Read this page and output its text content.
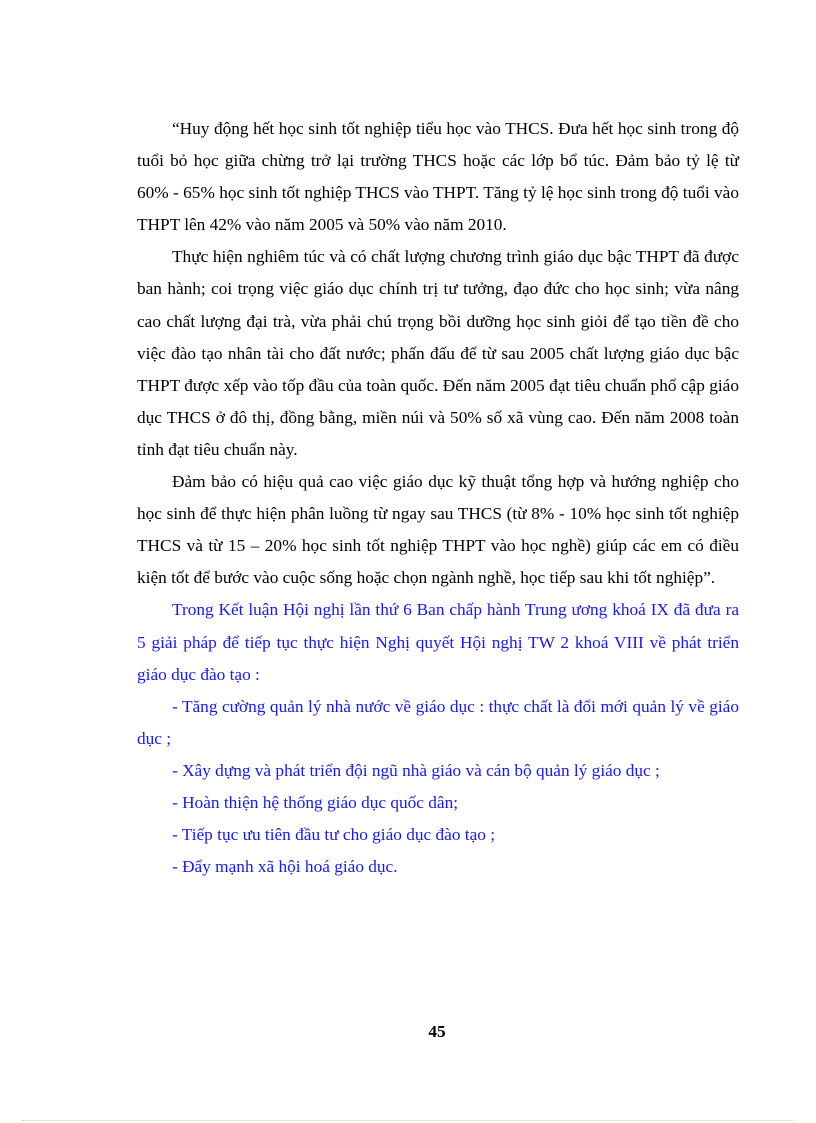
“Huy động hết học sinh tốt nghiệp tiểu học vào THCS. Đưa hết học sinh trong độ tuổi bỏ học giữa chừng trở lại trường THCS hoặc các lớp bổ túc. Đảm bảo tỷ lệ từ 60% - 65% học sinh tốt nghiệp THCS vào THPT. Tăng tỷ lệ học sinh trong độ tuổi vào THPT lên 42% vào năm 2005 và 50% vào năm 2010.

Thực hiện nghiêm túc và có chất lượng chương trình giáo dục bậc THPT đã được ban hành; coi trọng việc giáo dục chính trị tư tưởng, đạo đức cho học sinh; vừa nâng cao chất lượng đại trà, vừa phải chú trọng bồi dưỡng học sinh giỏi để tạo tiền đề cho việc đào tạo nhân tài cho đất nước; phấn đấu để từ sau 2005 chất lượng giáo dục bậc THPT được xếp vào tốp đầu của toàn quốc. Đến năm 2005 đạt tiêu chuẩn phổ cập giáo dục THCS ở đô thị, đồng bằng, miền núi và 50% số xã vùng cao. Đến năm 2008 toàn tỉnh đạt tiêu chuẩn này.

Đảm bảo có hiệu quả cao việc giáo dục kỹ thuật tổng hợp và hướng nghiệp cho học sinh để thực hiện phân luồng từ ngay sau THCS (từ 8% - 10% học sinh tốt nghiệp THCS và từ 15 – 20% học sinh tốt nghiệp THPT vào học nghề) giúp các em có điều kiện tốt để bước vào cuộc sống hoặc chọn ngành nghề, học tiếp sau khi tốt nghiệp”.

Trong Kết luận Hội nghị lần thứ 6 Ban chấp hành Trung ương khoá IX đã đưa ra 5 giải pháp để tiếp tục thực hiện Nghị quyết Hội nghị TW 2 khoá VIII về phát triển giáo dục đào tạo :

- Tăng cường quản lý nhà nước về giáo dục : thực chất là đổi mới quản lý về giáo dục ;

- Xây dựng và phát triển đội ngũ nhà giáo và cán bộ quản lý giáo dục ;

- Hoàn thiện hệ thống giáo dục quốc dân;

- Tiếp tục ưu tiên đầu tư cho giáo dục đào tạo ;

- Đẩy mạnh xã hội hoá giáo dục.

45
